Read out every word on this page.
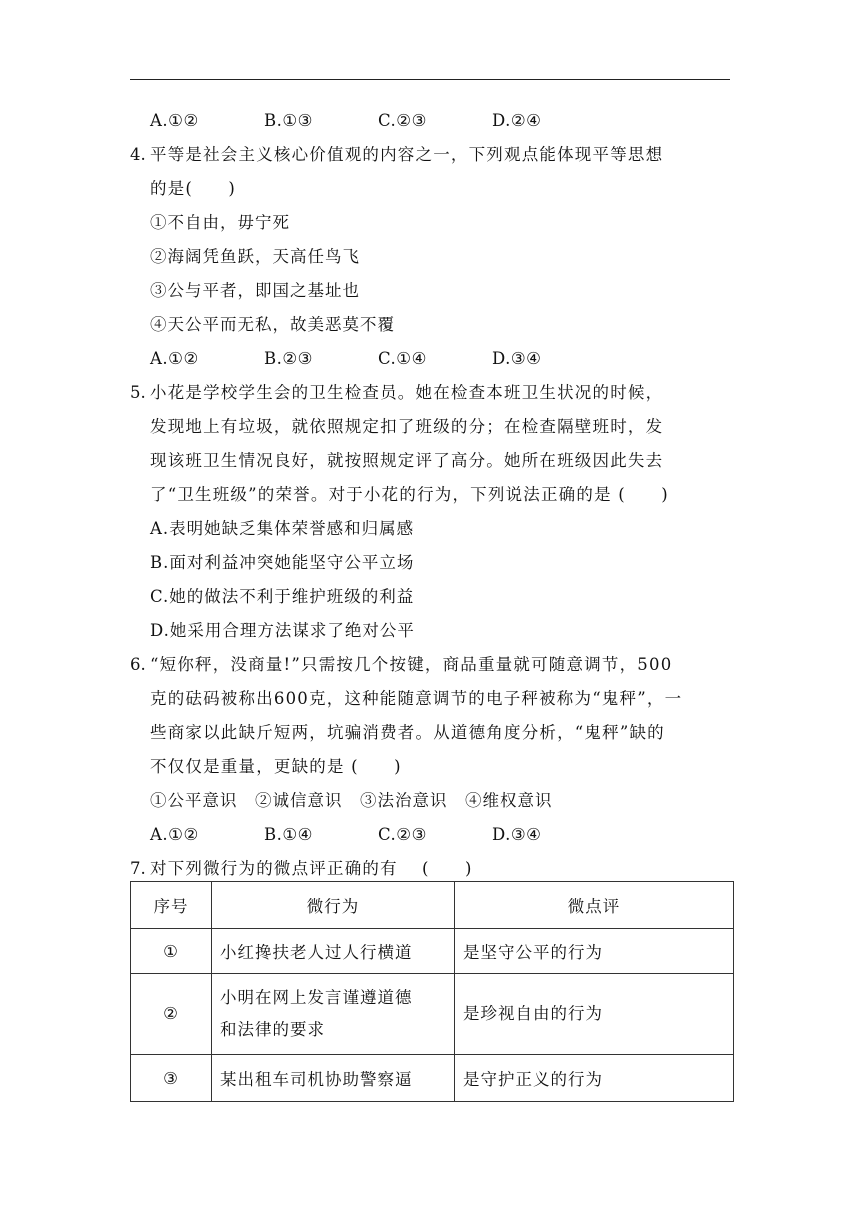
A.①②	B.①③	C.②③	D.②④
4. 平等是社会主义核心价值观的内容之一，下列观点能体现平等思想
的是(　　)
①不自由，毋宁死
②海阔凭鱼跃，天高任鸟飞
③公与平者，即国之基址也
④天公平而无私，故美恶莫不覆
A.①②	B.②③	C.①④	D.③④
5. 小花是学校学生会的卫生检查员。她在检查本班卫生状况的时候，
发现地上有垃圾，就依照规定扣了班级的分；在检查隔壁班时，发
现该班卫生情况良好，就按照规定评了高分。她所在班级因此失去
了“卫生班级”的荣誉。对于小花的行为，下列说法正确的是 (　　)
A.表明她缺乏集体荣誉感和归属感
B.面对利益冲突她能坚守公平立场
C.她的做法不利于维护班级的利益
D.她采用合理方法谋求了绝对公平
6. “短你秤，没商量!”只需按几个按键，商品重量就可随意调节，500
克的砝码被称出600克，这种能随意调节的电子秤被称为“鬼秤”，一
些商家以此缺斤短两，坑骗消费者。从道德角度分析，“鬼秤”缺的
不仅仅是重量，更缺的是 (　　)
①公平意识　②诚信意识　③法治意识　④维权意识
A.①②	B.①④	C.②③	D.③④
7. 对下列微行为的微点评正确的有　 (　　)
序号	微行为	微点评
①	小红搀扶老人过人行横道	是坚守公平的行为
②	小明在网上发言谨遵道德
和法律的要求	是珍视自由的行为
③	某出租车司机协助警察逼	是守护正义的行为
